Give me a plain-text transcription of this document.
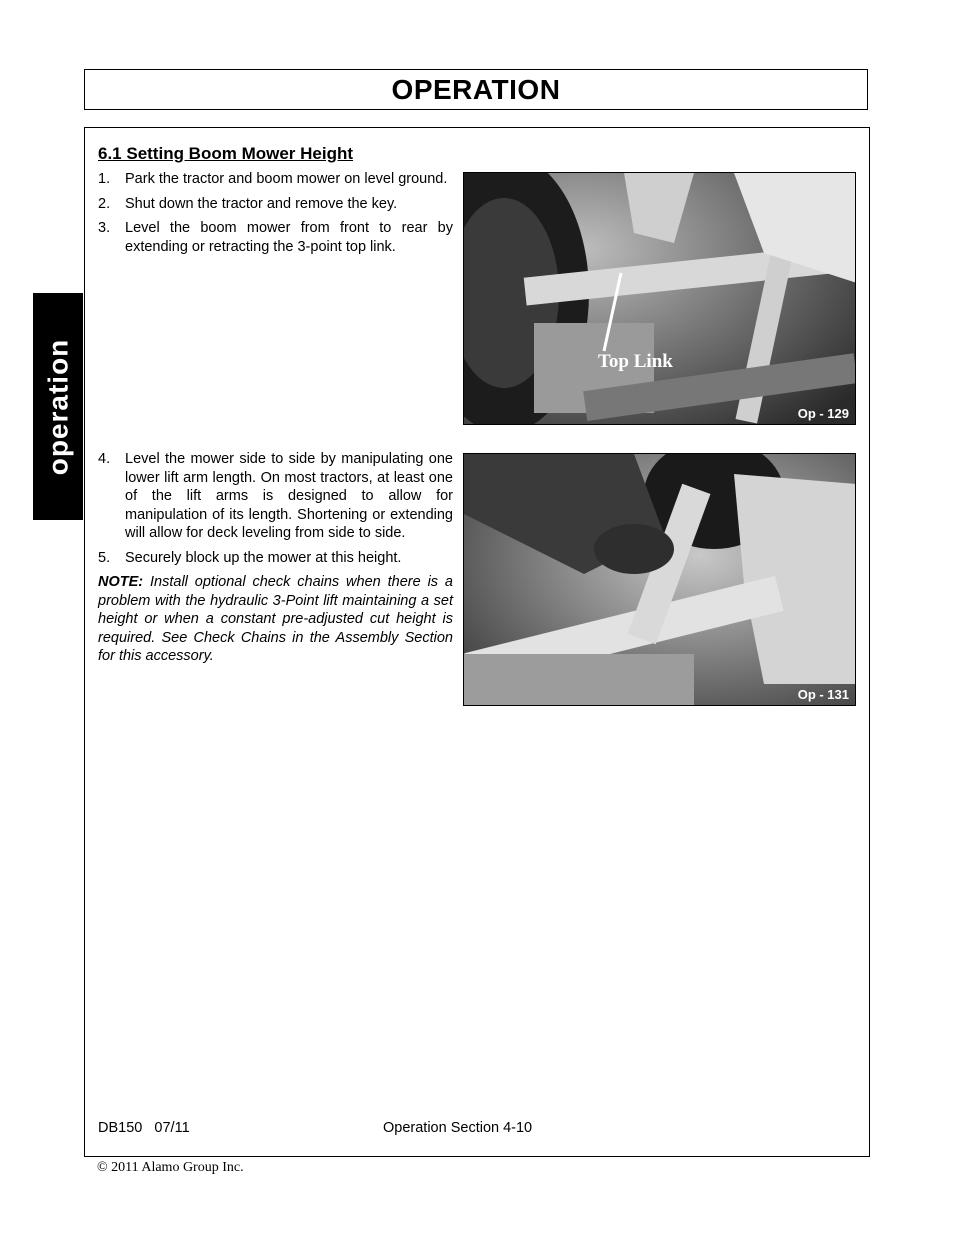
OPERATION
operation
6.1 Setting Boom Mower Height
1. Park the tractor and boom mower on level ground.
2. Shut down the tractor and remove the key.
3. Level the boom mower from front to rear by extending or retracting the 3-point top link.
4. Level the mower side to side by manipulating one lower lift arm length. On most tractors, at least one of the lift arms is designed to allow for manipulation of its length. Shortening or extending will allow for deck leveling from side to side.
5. Securely block up the mower at this height.
NOTE: Install optional check chains when there is a problem with the hydraulic 3-Point lift maintaining a set height or when a constant pre-adjusted cut height is required. See Check Chains in the Assembly Section for this accessory.
Top Link
Op - 129
Op - 131
DB150   07/11	Operation Section 4-10
© 2011 Alamo Group Inc.
